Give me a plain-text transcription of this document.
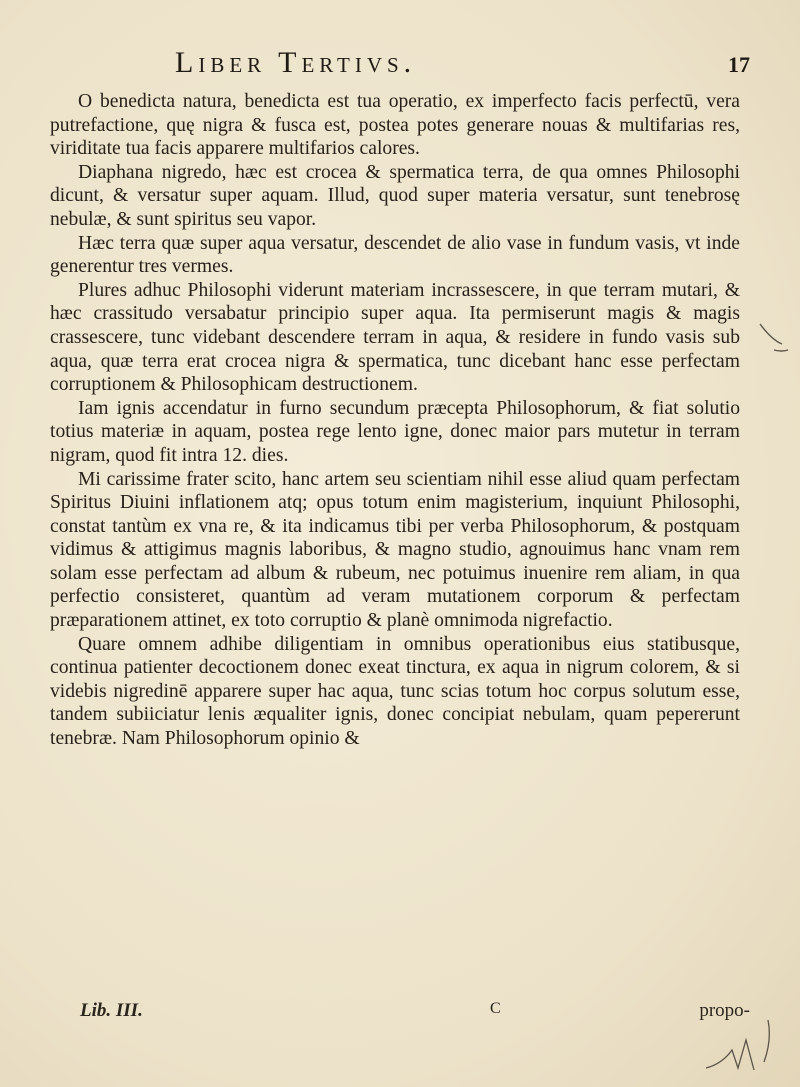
Liber Tertivs.	17

O benedicta natura, benedicta est tua operatio, ex imperfecto facis perfectū, vera putrefactione, quę nigra & fusca est, postea potes generare nouas & multifarias res, viriditate tua facis apparere multifarios calores.

Diaphana nigredo, hæc est crocea & spermatica terra, de qua omnes Philosophi dicunt, & versatur super aquam. Illud, quod super materia versatur, sunt tenebrosę nebulæ, & sunt spiritus seu vapor.

Hæc terra quæ super aqua versatur, descendet de alio vase in fundum vasis, vt inde generentur tres vermes.

Plures adhuc Philosophi viderunt materiam incrassescere, in que terram mutari, & hæc crassitudo versabatur principio super aqua. Ita permiserunt magis & magis crassescere, tunc videbant descendere terram in aqua, & residere in fundo vasis sub aqua, quæ terra erat crocea nigra & spermatica, tunc dicebant hanc esse perfectam corruptionem & Philosophicam destructionem.

Iam ignis accendatur in furno secundum præcepta Philosophorum, & fiat solutio totius materiæ in aquam, postea rege lento igne, donec maior pars mutetur in terram nigram, quod fit intra 12. dies.

Mi carissime frater scito, hanc artem seu scientiam nihil esse aliud quam perfectam Spiritus Diuini inflationem atq; opus totum enim magisterium, inquiunt Philosophi, constat tantùm ex vna re, & ita indicamus tibi per verba Philosophorum, & postquam vidimus & attigimus magnis laboribus, & magno studio, agnouimus hanc vnam rem solam esse perfectam ad album & rubeum, nec potuimus inuenire rem aliam, in qua perfectio consisteret, quantùm ad veram mutationem corporum & perfectam præparationem attinet, ex toto corruptio & planè omnimoda nigrefactio.

Quare omnem adhibe diligentiam in omnibus operationibus eius statibusque, continua patienter decoctionem donec exeat tinctura, ex aqua in nigrum colorem, & si videbis nigredinē apparere super hac aqua, tunc scias totum hoc corpus solutum esse, tandem subiiciatur lenis æqualiter ignis, donec concipiat nebulam, quam pepererunt tenebræ. Nam Philosophorum opinio &

Lib. III.	C	propo-
